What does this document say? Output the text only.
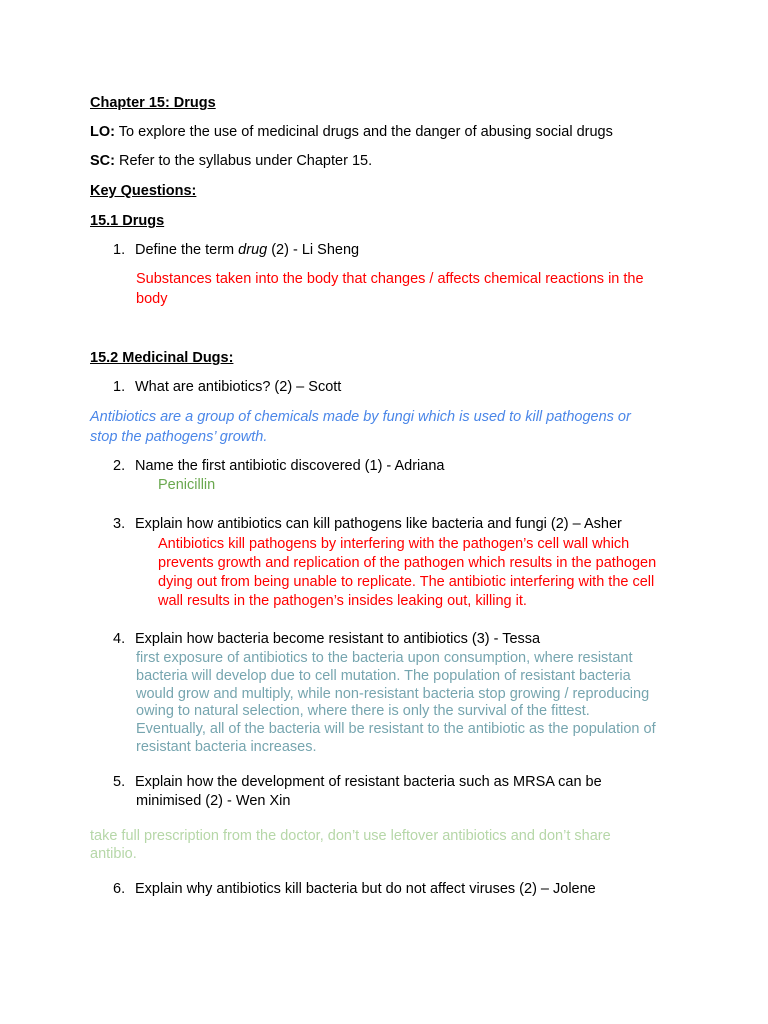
Chapter 15: Drugs
LO: To explore the use of medicinal drugs and the danger of abusing social drugs
SC: Refer to the syllabus under Chapter 15.
Key Questions:
15.1 Drugs
1. Define the term drug (2) - Li Sheng
Substances taken into the body that changes / affects chemical reactions in the
body
15.2 Medicinal Dugs:
1. What are antibiotics? (2) – Scott
Antibiotics are a group of chemicals made by fungi which is used to kill pathogens or
stop the pathogens’ growth.
2. Name the first antibiotic discovered (1) - Adriana
Penicillin
3. Explain how antibiotics can kill pathogens like bacteria and fungi (2) – Asher
Antibiotics kill pathogens by interfering with the pathogen’s cell wall which
prevents growth and replication of the pathogen which results in the pathogen
dying out from being unable to replicate. The antibiotic interfering with the cell
wall results in the pathogen’s insides leaking out, killing it.
4. Explain how bacteria become resistant to antibiotics (3) - Tessa
first exposure of antibiotics to the bacteria upon consumption, where resistant
bacteria will develop due to cell mutation. The population of resistant bacteria
would grow and multiply, while non-resistant bacteria stop growing / reproducing
owing to natural selection, where there is only the survival of the fittest.
Eventually, all of the bacteria will be resistant to the antibiotic as the population of
resistant bacteria increases.
5. Explain how the development of resistant bacteria such as MRSA can be
minimised (2) - Wen Xin
take full prescription from the doctor, don’t use leftover antibiotics and don’t share
antibio.
6. Explain why antibiotics kill bacteria but do not affect viruses (2) – Jolene
